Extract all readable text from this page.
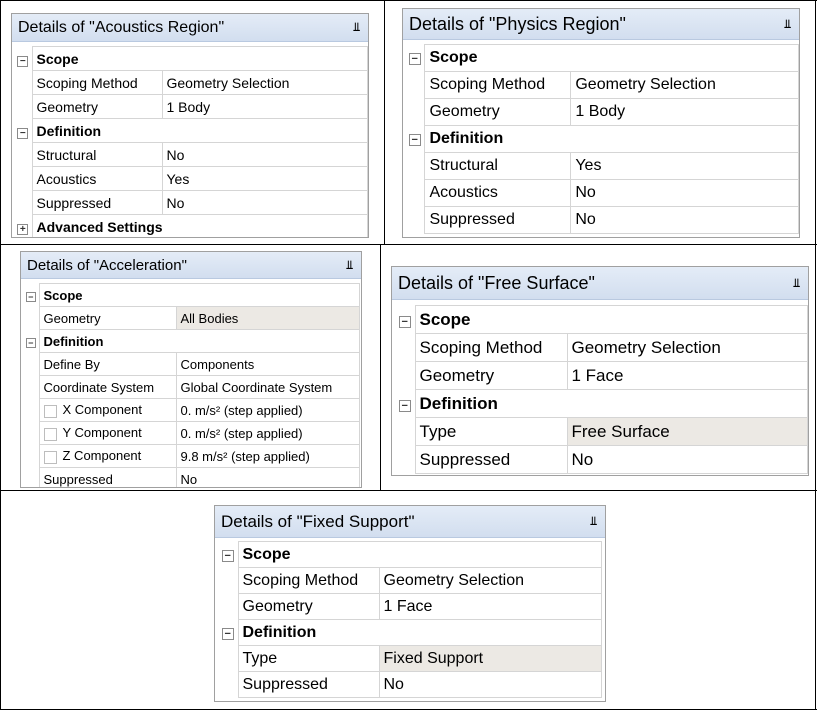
Details of "Acoustics Region"	⫫
−	Scope	
	Scoping Method	Geometry Selection
	Geometry	1 Body
−	Definition	
	Structural	No
	Acoustics	Yes
	Suppressed	No
+	Advanced Settings	
Details of "Physics Region"	⫫
−	Scope	
	Scoping Method	Geometry Selection
	Geometry	1 Body
−	Definition	
	Structural	Yes
	Acoustics	No
	Suppressed	No
Details of "Acceleration"	⫫
−	Scope	
	Geometry	All Bodies
−	Definition	
	Define By	Components
	Coordinate System	Global Coordinate System
	X Component	0. m/s² (step applied)
	Y Component	0. m/s² (step applied)
	Z Component	9.8 m/s² (step applied)
	Suppressed	No
Details of "Free Surface"	⫫
−	Scope	
	Scoping Method	Geometry Selection
	Geometry	1 Face
−	Definition	
	Type	Free Surface
	Suppressed	No
Details of "Fixed Support"	⫫
−	Scope	
	Scoping Method	Geometry Selection
	Geometry	1 Face
−	Definition	
	Type	Fixed Support
	Suppressed	No
